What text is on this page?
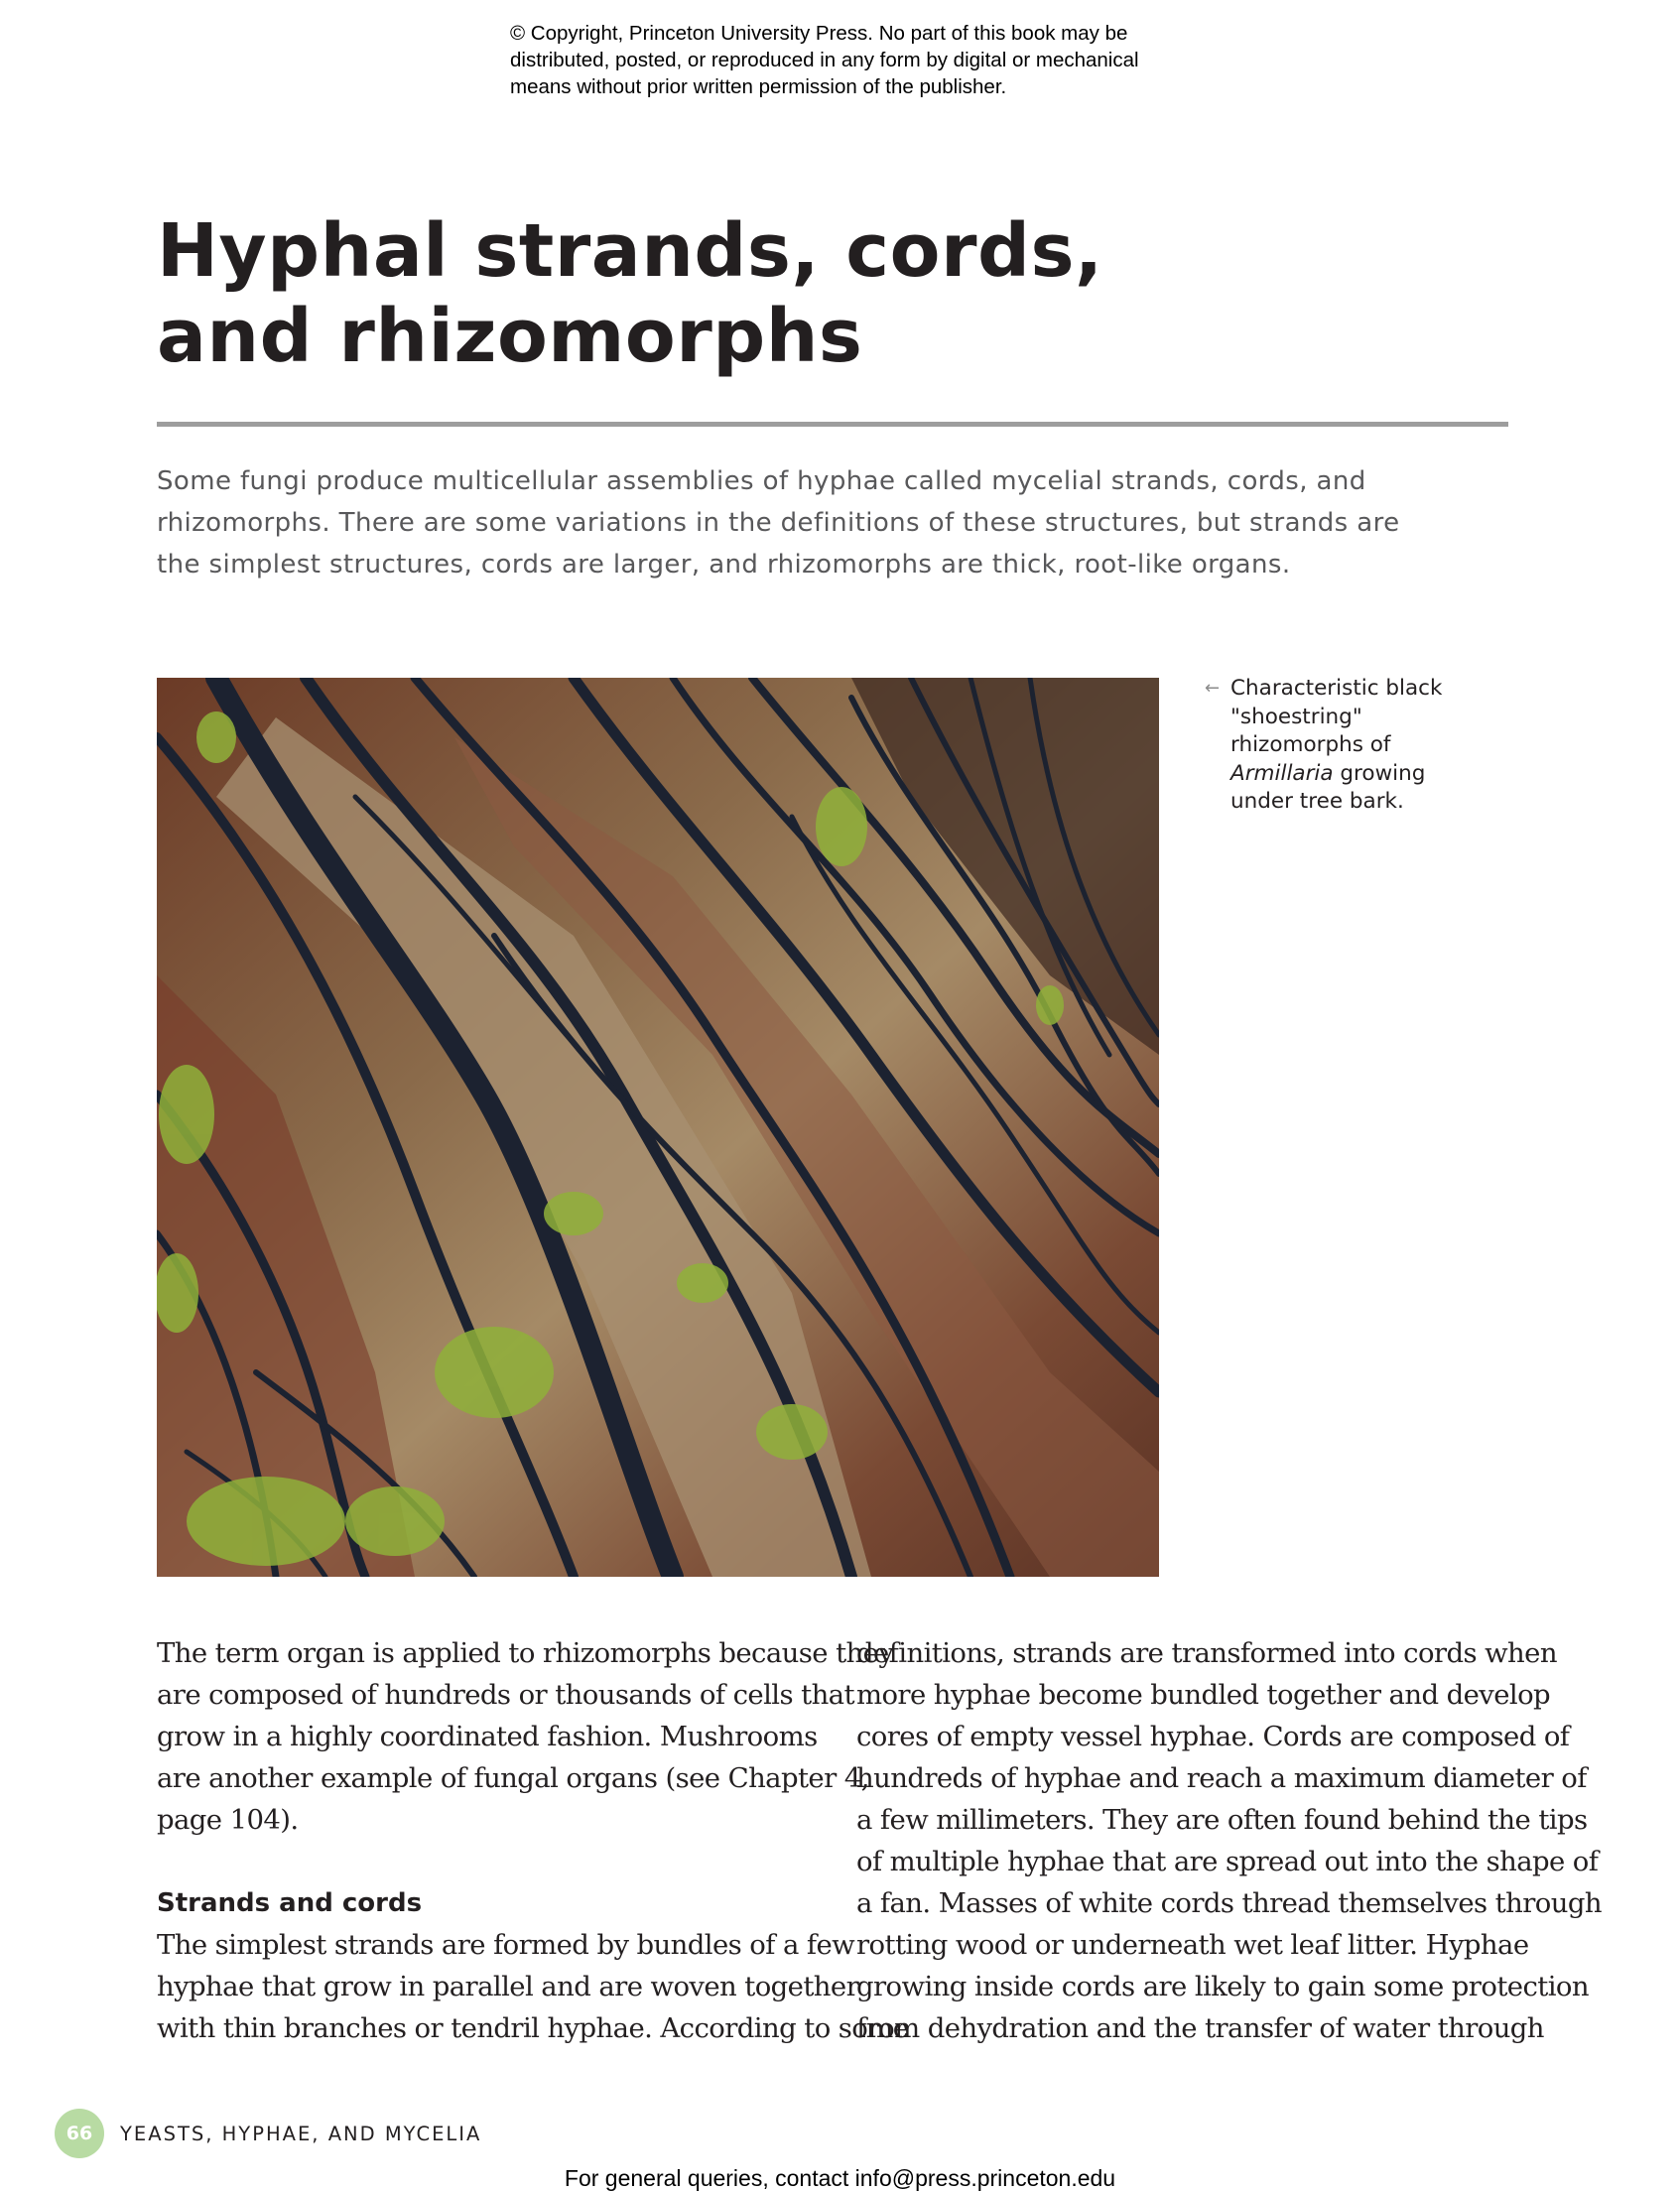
© Copyright, Princeton University Press. No part of this book may be
distributed, posted, or reproduced in any form by digital or mechanical
means without prior written permission of the publisher.
Hyphal strands, cords,
and rhizomorphs
Some fungi produce multicellular assemblies of hyphae called mycelial strands, cords, and
rhizomorphs. There are some variations in the definitions of these structures, but strands are
the simplest structures, cords are larger, and rhizomorphs are thick, root-like organs.
← Characteristic black
"shoestring"
rhizomorphs of
Armillaria growing
under tree bark.
The term organ is applied to rhizomorphs because they
are composed of hundreds or thousands of cells that
grow in a highly coordinated fashion. Mushrooms
are another example of fungal organs (see Chapter 4,
page 104).
Strands and cords
The simplest strands are formed by bundles of a few
hyphae that grow in parallel and are woven together
with thin branches or tendril hyphae. According to some
definitions, strands are transformed into cords when
more hyphae become bundled together and develop
cores of empty vessel hyphae. Cords are composed of
hundreds of hyphae and reach a maximum diameter of
a few millimeters. They are often found behind the tips
of multiple hyphae that are spread out into the shape of
a fan. Masses of white cords thread themselves through
rotting wood or underneath wet leaf litter. Hyphae
growing inside cords are likely to gain some protection
from dehydration and the transfer of water through
66	YEASTS, HYPHAE, AND MYCELIA
For general queries, contact info@press.princeton.edu
